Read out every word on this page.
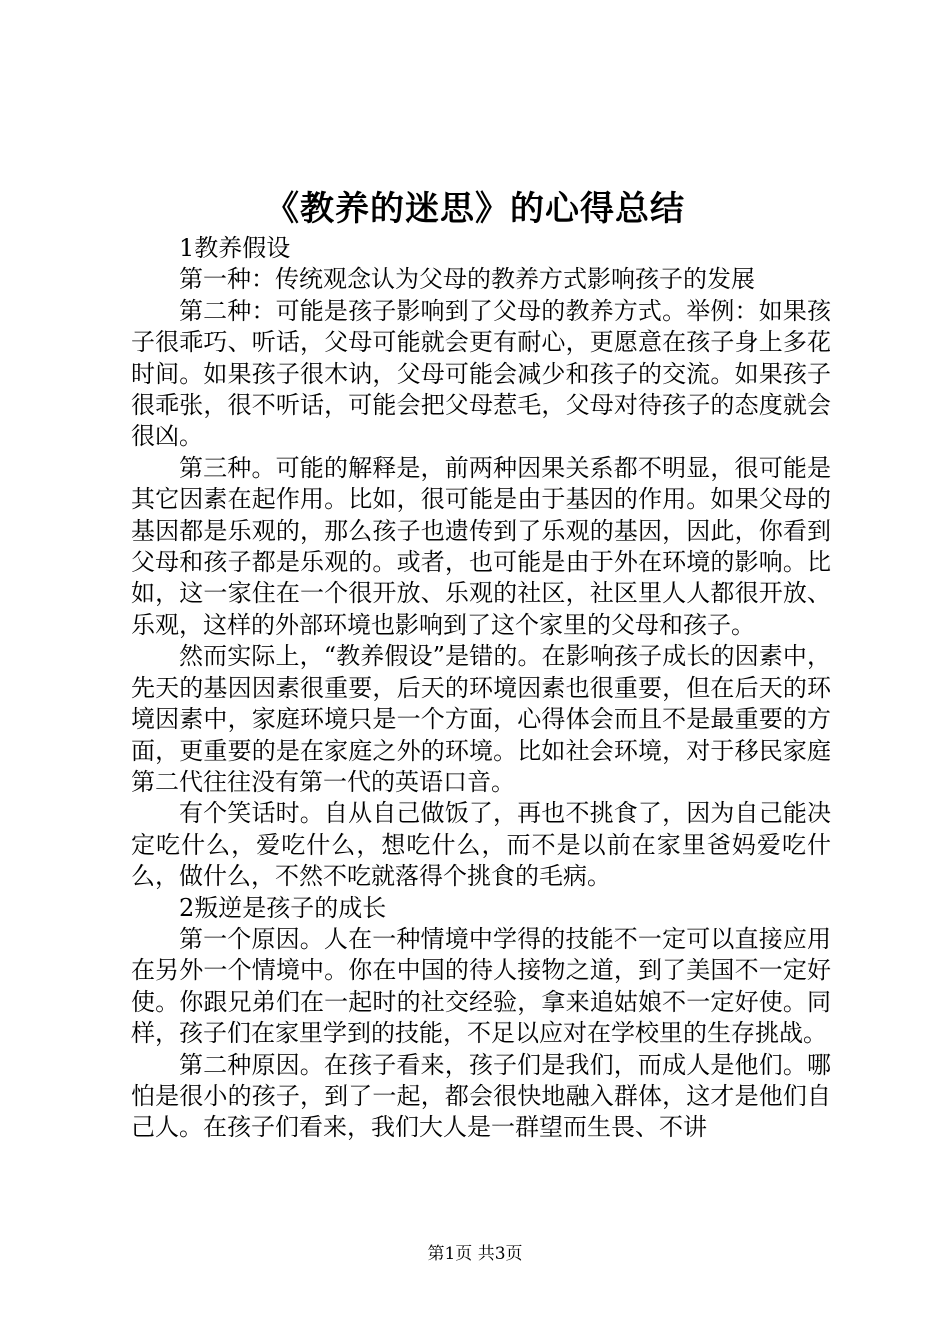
《教养的迷思》的心得总结

1教养假设

第一种：传统观念认为父母的教养方式影响孩子的发展

第二种：可能是孩子影响到了父母的教养方式。举例：如果孩子很乖巧、听话，父母可能就会更有耐心，更愿意在孩子身上多花时间。如果孩子很木讷，父母可能会减少和孩子的交流。如果孩子很乖张，很不听话，可能会把父母惹毛，父母对待孩子的态度就会很凶。

第三种。可能的解释是，前两种因果关系都不明显，很可能是其它因素在起作用。比如，很可能是由于基因的作用。如果父母的基因都是乐观的，那么孩子也遗传到了乐观的基因，因此，你看到父母和孩子都是乐观的。或者，也可能是由于外在环境的影响。比如，这一家住在一个很开放、乐观的社区，社区里人人都很开放、乐观，这样的外部环境也影响到了这个家里的父母和孩子。

然而实际上，“教养假设”是错的。在影响孩子成长的因素中，先天的基因因素很重要，后天的环境因素也很重要，但在后天的环境因素中，家庭环境只是一个方面，心得体会而且不是最重要的方面，更重要的是在家庭之外的环境。比如社会环境，对于移民家庭第二代往往没有第一代的英语口音。

有个笑话时。自从自己做饭了，再也不挑食了，因为自己能决定吃什么，爱吃什么，想吃什么，而不是以前在家里爸妈爱吃什么，做什么，不然不吃就落得个挑食的毛病。

2叛逆是孩子的成长

第一个原因。人在一种情境中学得的技能不一定可以直接应用在另外一个情境中。你在中国的待人接物之道，到了美国不一定好使。你跟兄弟们在一起时的社交经验，拿来追姑娘不一定好使。同样，孩子们在家里学到的技能，不足以应对在学校里的生存挑战。

第二种原因。在孩子看来，孩子们是我们，而成人是他们。哪怕是很小的孩子，到了一起，都会很快地融入群体，这才是他们自己人。在孩子们看来，我们大人是一群望而生畏、不讲

第1页 共3页
